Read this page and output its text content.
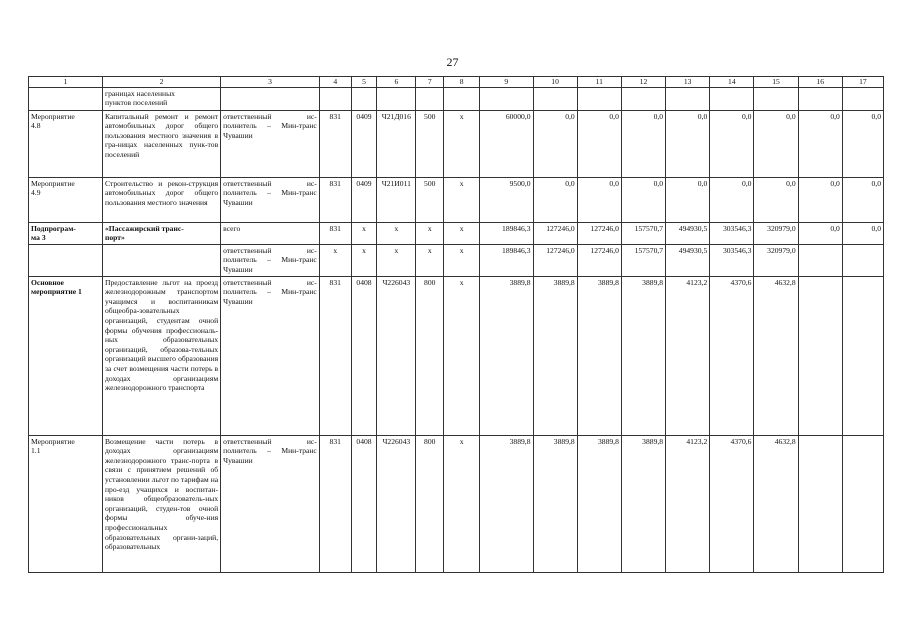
27
1	2	3	4	5	6	7	8	9	10	11	12	13	14	15	16	17
	границах населенных
пунктов поселений															
Мероприятие
4.8	Капитальный ремонт и ремонт автомобильных дорог общего пользования местного значения в гра-ницах населенных пунк-тов поселений	ответственный ис-полнитель – Мин-транс Чувашии	831	0409	Ч21Д016	500	x	60000,0	0,0	0,0	0,0	0,0	0,0	0,0	0,0	0,0
Мероприятие
4.9	Строительство и рекон-струкция автомобильных дорог общего пользования местного значения	ответственный ис-полнитель – Мин-транс Чувашии	831	0409	Ч21И011	500	x	9500,0	0,0	0,0	0,0	0,0	0,0	0,0	0,0	0,0
Подпрограм-
ма 3	«Пассажирский транс-
порт»	всего	831	x	x	x	x	189846,3	127246,0	127246,0	157570,7	494930,5	303546,3	320979,0	0,0	0,0
		ответственный ис-полнитель – Мин-транс Чувашии	x	x	x	x	x	189846,3	127246,0	127246,0	157570,7	494930,5	303546,3	320979,0		
Основное
мероприятие 1	Предоставление льгот на проезд железнодорожным транспортом учащимся и воспитанникам общеобра-зовательных организаций, студентам очной формы обучения профессиональ-ных образовательных организаций, образова-тельных организаций высшего образования за счет возмещения части потерь в доходах организациям железнодорожного транспорта	ответственный ис-полнитель – Мин-транс Чувашии	831	0408	Ч226043	800	x	3889,8	3889,8	3889,8	3889,8	4123,2	4370,6	4632,8		
Мероприятие
1.1	Возмещение части потерь в доходах организациям железнодорожного транс-порта в связи с принятием решений об установлении льгот по тарифам на про-езд учащихся и воспитан-ников общеобразователь-ных организаций, студен-тов очной формы обуче-ния профессиональных образовательных органи-заций, образовательных	ответственный ис-полнитель – Мин-транс Чувашии	831	0408	Ч226043	800	x	3889,8	3889,8	3889,8	3889,8	4123,2	4370,6	4632,8		
